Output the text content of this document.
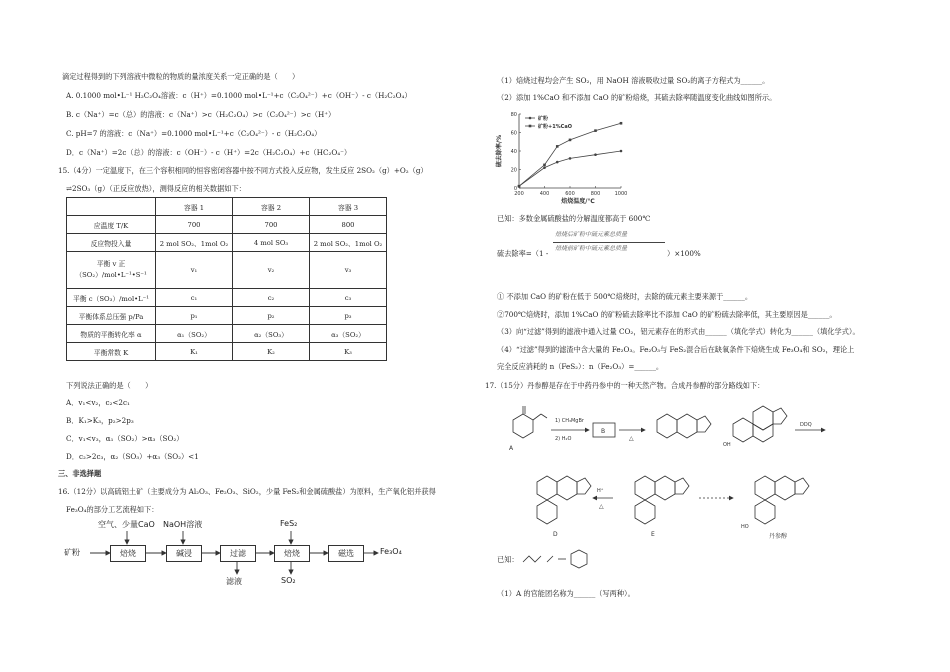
滴定过程得到的下列溶液中微粒的物质的量浓度关系一定正确的是（　　）
A. 0.1000 mol•L⁻¹ H₂C₂O₄溶液：c（H⁺）=0.1000 mol•L⁻¹+c（C₂O₄²⁻）+c（OH⁻）- c（H₂C₂O₄）
B. c（Na⁺）=c（总）的溶液：c（Na⁺）>c（H₂C₂O₄）>c（C₂O₄²⁻）>c（H⁺）
C. pH=7 的溶液：c（Na⁺）=0.1000 mol•L⁻¹+c（C₂O₄²⁻）- c（H₂C₂O₄）
D．c（Na⁺）=2c（总）的溶液：c（OH⁻）- c（H⁺）=2c（H₂C₂O₄）+c（HC₂O₄⁻）
15.（4分）一定温度下，在三个容积相同的恒容密闭容器中按不同方式投入反应物，发生反应 2SO₂（g）+O₂（g）
⇌2SO₃（g）（正反应放热），测得反应的相关数据如下：
	容器 1	容器 2	容器 3
应温度 T/K	700	700	800
反应物投入量	2 mol SO₂、1mol O₂	4 mol SO₃	2 mol SO₂、1mol O₂
平衡 v 正（SO₂）/mol•L⁻¹•S⁻¹	v₁	v₂	v₃
平衡 c（SO₃）/mol•L⁻¹	c₁	c₂	c₃
平衡体系总压强 p/Pa	p₁	p₂	p₃
物质的平衡转化率 α	α₁（SO₂）	α₂（SO₃）	α₃（SO₂）
平衡常数 K	K₁	K₂	K₃
下列说法正确的是（　　）
A．v₁<v₂，c₂<2c₁
B．K₁>K₃，p₂>2p₃
C．v₁<v₃，α₁（SO₂）>α₃（SO₂）
D．c₂>2c₃，α₂（SO₃）+α₃（SO₂）<1
三、非选择题
16.（12分）以高硫铝土矿（主要成分为 Al₂O₃、Fe₂O₃、SiO₂，少量 FeS₂和金属硫酸盐）为原料，生产氧化铝并获得
Fe₃O₄的部分工艺流程如下：
矿粉
空气、少量CaO NaOH溶液	FeS₂
焙烧	碱浸	过滤	焙烧	磁选	Fe₃O₄
滤液	SO₂
（1）焙烧过程均会产生 SO₂，用 NaOH 溶液吸收过量 SO₂的离子方程式为______。
（2）添加 1%CaO 和不添加 CaO 的矿粉焙烧，其硫去除率随温度变化曲线如图所示。
200	400	600	800	1000
0
20
40
60
80
焙烧温度/℃
硫去除率/%
矿粉
矿粉+1%CaO
已知：多数金属硫酸盐的分解温度都高于 600℃
硫去除率=（1 -
焙烧后矿粉中硫元素总质量
焙烧前矿粉中硫元素总质量
）×100%
① 不添加 CaO 的矿粉在低于 500℃焙烧时，去除的硫元素主要来源于______。
②700℃焙烧时，添加 1%CaO 的矿粉硫去除率比不添加 CaO 的矿粉硫去除率低，其主要原因是______。
（3）向“过滤”得到的滤液中通入过量 CO₂，铝元素存在的形式由______（填化学式）转化为______（填化学式）。
（4）“过滤”得到的滤渣中含大量的 Fe₂O₃。Fe₂O₃与 FeS₂混合后在缺氧条件下焙烧生成 Fe₃O₄和 SO₂，理论上
完全反应消耗的 n（FeS₂）：n（Fe₂O₃）=______。
17.（15分）丹参醇是存在于中药丹参中的一种天然产物。合成丹参醇的部分路线如下：
A
1) CH₃MgBr
2) H₂O
B
△
OH
DDQ
D
H⁺
△
E
HO
丹参醇
已知：
（1）A 的官能团名称为______（写两种）。
